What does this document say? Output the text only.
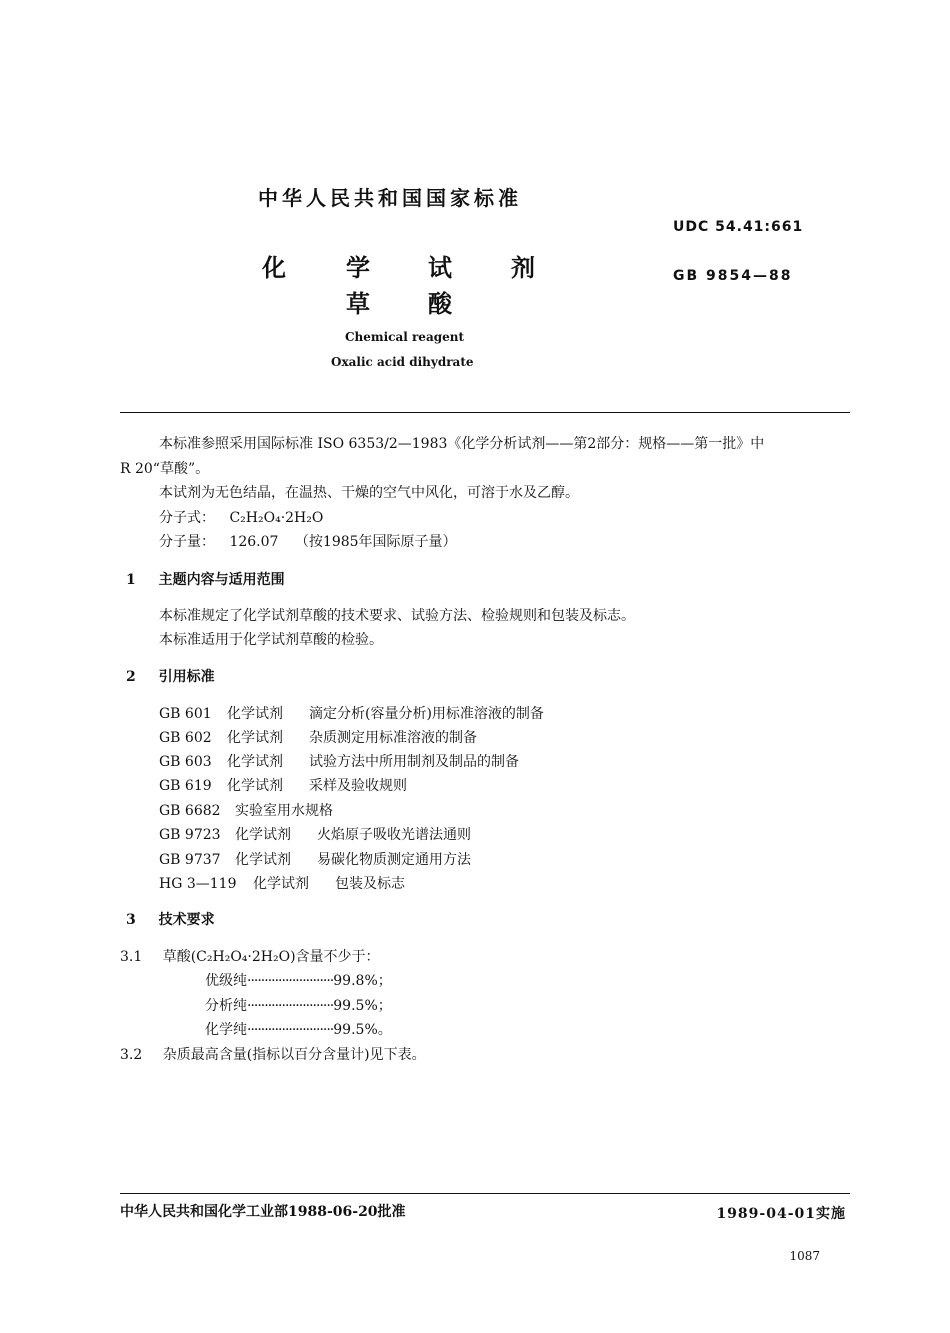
中华人民共和国国家标准
UDC 54.41:661
GB 9854—88
化	学 试 剂
草 酸
Chemical reagent
Oxalic acid dihydrate
本标准参照采用国际标准 ISO 6353/2—1983《化学分析试剂——第2部分：规格——第一批》中
R 20“草酸”。
本试剂为无色结晶，在温热、干燥的空气中风化，可溶于水及乙醇。
分子式： C₂H₂O₄·2H₂O
分子量： 126.07 （按1985年国际原子量）
1 主题内容与适用范围
本标准规定了化学试剂草酸的技术要求、试验方法、检验规则和包装及标志。
本标准适用于化学试剂草酸的检验。
2 引用标准
GB 601 化学试剂 滴定分析(容量分析)用标准溶液的制备
GB 602 化学试剂 杂质测定用标准溶液的制备
GB 603 化学试剂 试验方法中所用制剂及制品的制备
GB 619 化学试剂 采样及验收规则
GB 6682 实验室用水规格
GB 9723 化学试剂 火焰原子吸收光谱法通则
GB 9737 化学试剂 易碳化物质测定通用方法
HG 3—119 化学试剂 包装及标志
3 技术要求
3.1 草酸(C₂H₂O₄·2H₂O)含量不少于：
优级纯·························99.8%；
分析纯·························99.5%；
化学纯·························99.5%。
3.2 杂质最高含量(指标以百分含量计)见下表。
中华人民共和国化学工业部1988-06-20批准	1989-04-01实施
1087
